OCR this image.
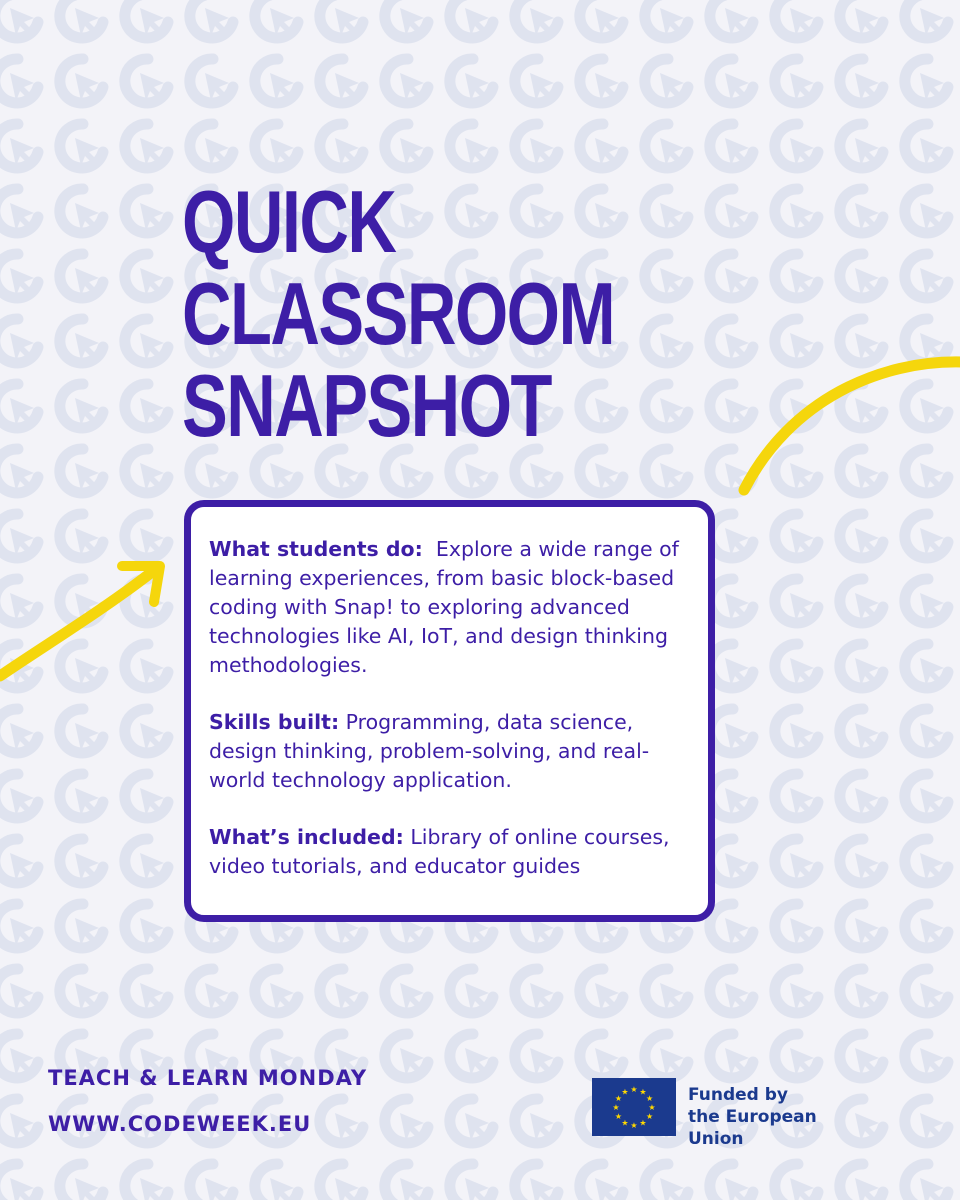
QUICK
CLASSROOM
SNAPSHOT

What students do:  Explore a wide range of learning experiences, from basic block-based coding with Snap! to exploring advanced technologies like AI, IoT, and design thinking methodologies.

Skills built: Programming, data science, design thinking, problem-solving, and real-world technology application.

What’s included: Library of online courses, video tutorials, and educator guides

TEACH & LEARN MONDAY
WWW.CODEWEEK.EU
★ ★
★
★
★
★
★
★
★
★
★
★	Funded by
the European Union
